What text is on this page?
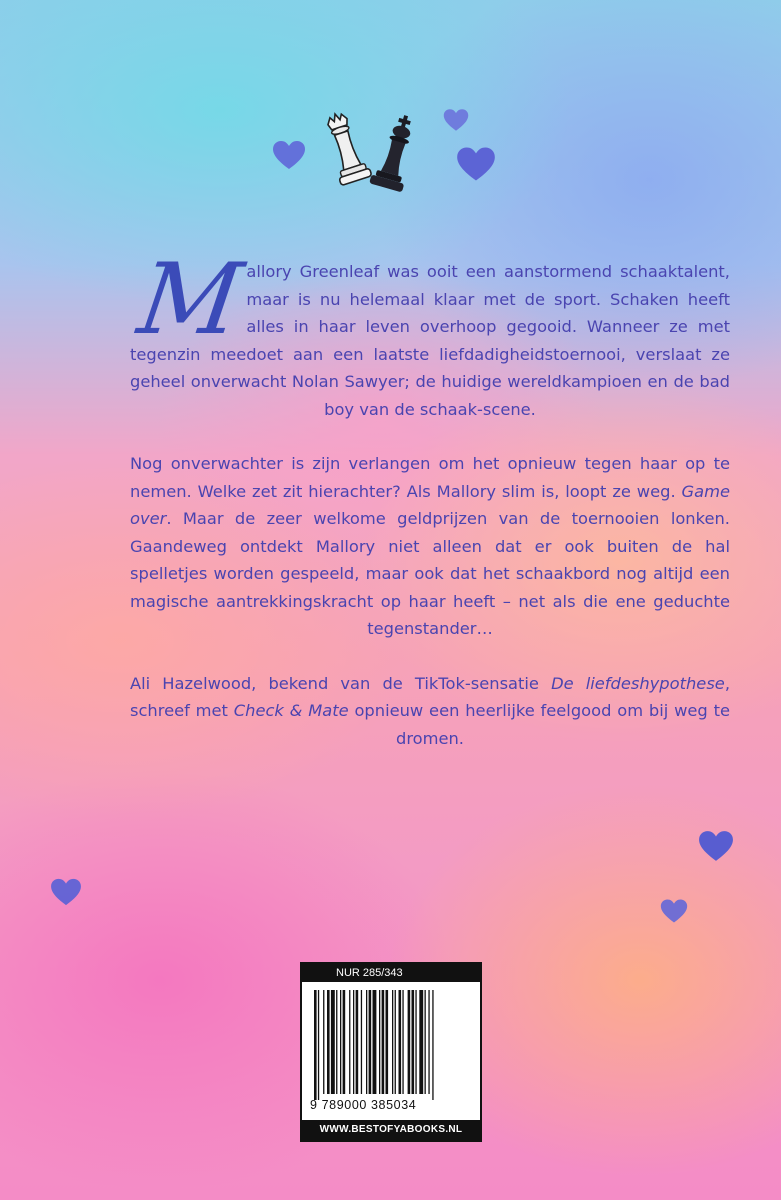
M
allory Greenleaf was ooit een aanstormend schaaktalent, maar is nu helemaal klaar met de sport. Schaken heeft alles in haar leven overhoop gegooid. Wanneer ze met tegenzin meedoet aan een laatste liefdadigheidstoernooi, verslaat ze geheel onverwacht Nolan Sawyer; de huidige wereldkampioen en de bad boy van de schaak-scene.

Nog onverwachter is zijn verlangen om het opnieuw tegen haar op te nemen. Welke zet zit hierachter? Als Mallory slim is, loopt ze weg. Game over. Maar de zeer welkome geldprijzen van de toernooien lonken. Gaandeweg ontdekt Mallory niet alleen dat er ook buiten de hal spelletjes worden gespeeld, maar ook dat het schaakbord nog altijd een magische aantrekkingskracht op haar heeft – net als die ene geduchte tegenstander…

Ali Hazelwood, bekend van de TikTok-sensatie De liefdeshypothese, schreef met Check & Mate opnieuw een heerlijke feelgood om bij weg te dromen.

NUR 285/343
9 789000 385034
WWW.BESTOFYABOOKS.NL
